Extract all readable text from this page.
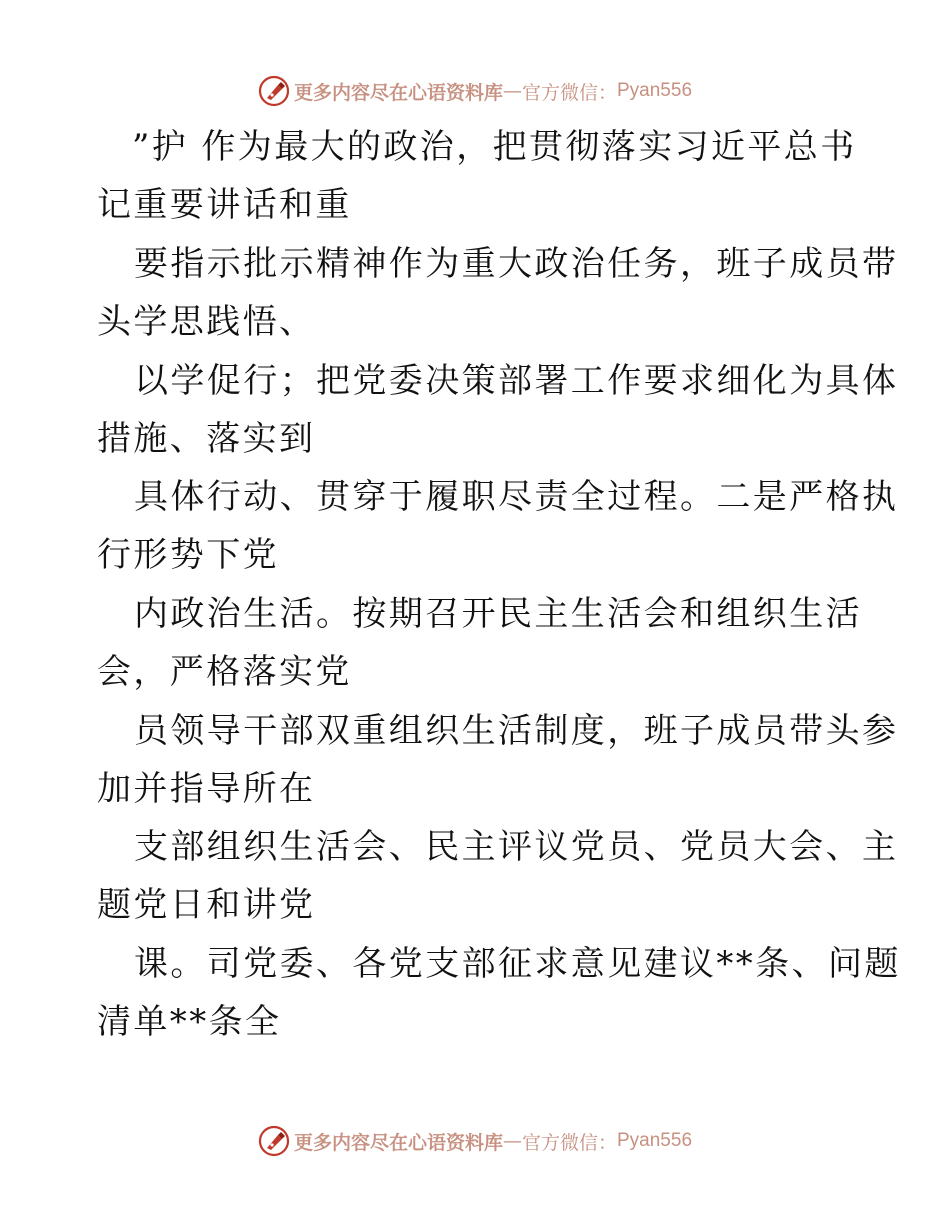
更多内容尽在心语资料库 — 官方微信： Pyan556
”护 作为最大的政治，把贯彻落实习近平总书
记重要讲话和重
要指示批示精神作为重大政治任务，班子成员带
头学思践悟、
以学促行；把党委决策部署工作要求细化为具体
措施、落实到
具体行动、贯穿于履职尽责全过程。二是严格执
行形势下党
内政治生活。按期召开民主生活会和组织生活
会，严格落实党
员领导干部双重组织生活制度，班子成员带头参
加并指导所在
支部组织生活会、民主评议党员、党员大会、主
题党日和讲党
课。司党委、各党支部征求意见建议**条、问题
清单**条全
更多内容尽在心语资料库 — 官方微信： Pyan556
